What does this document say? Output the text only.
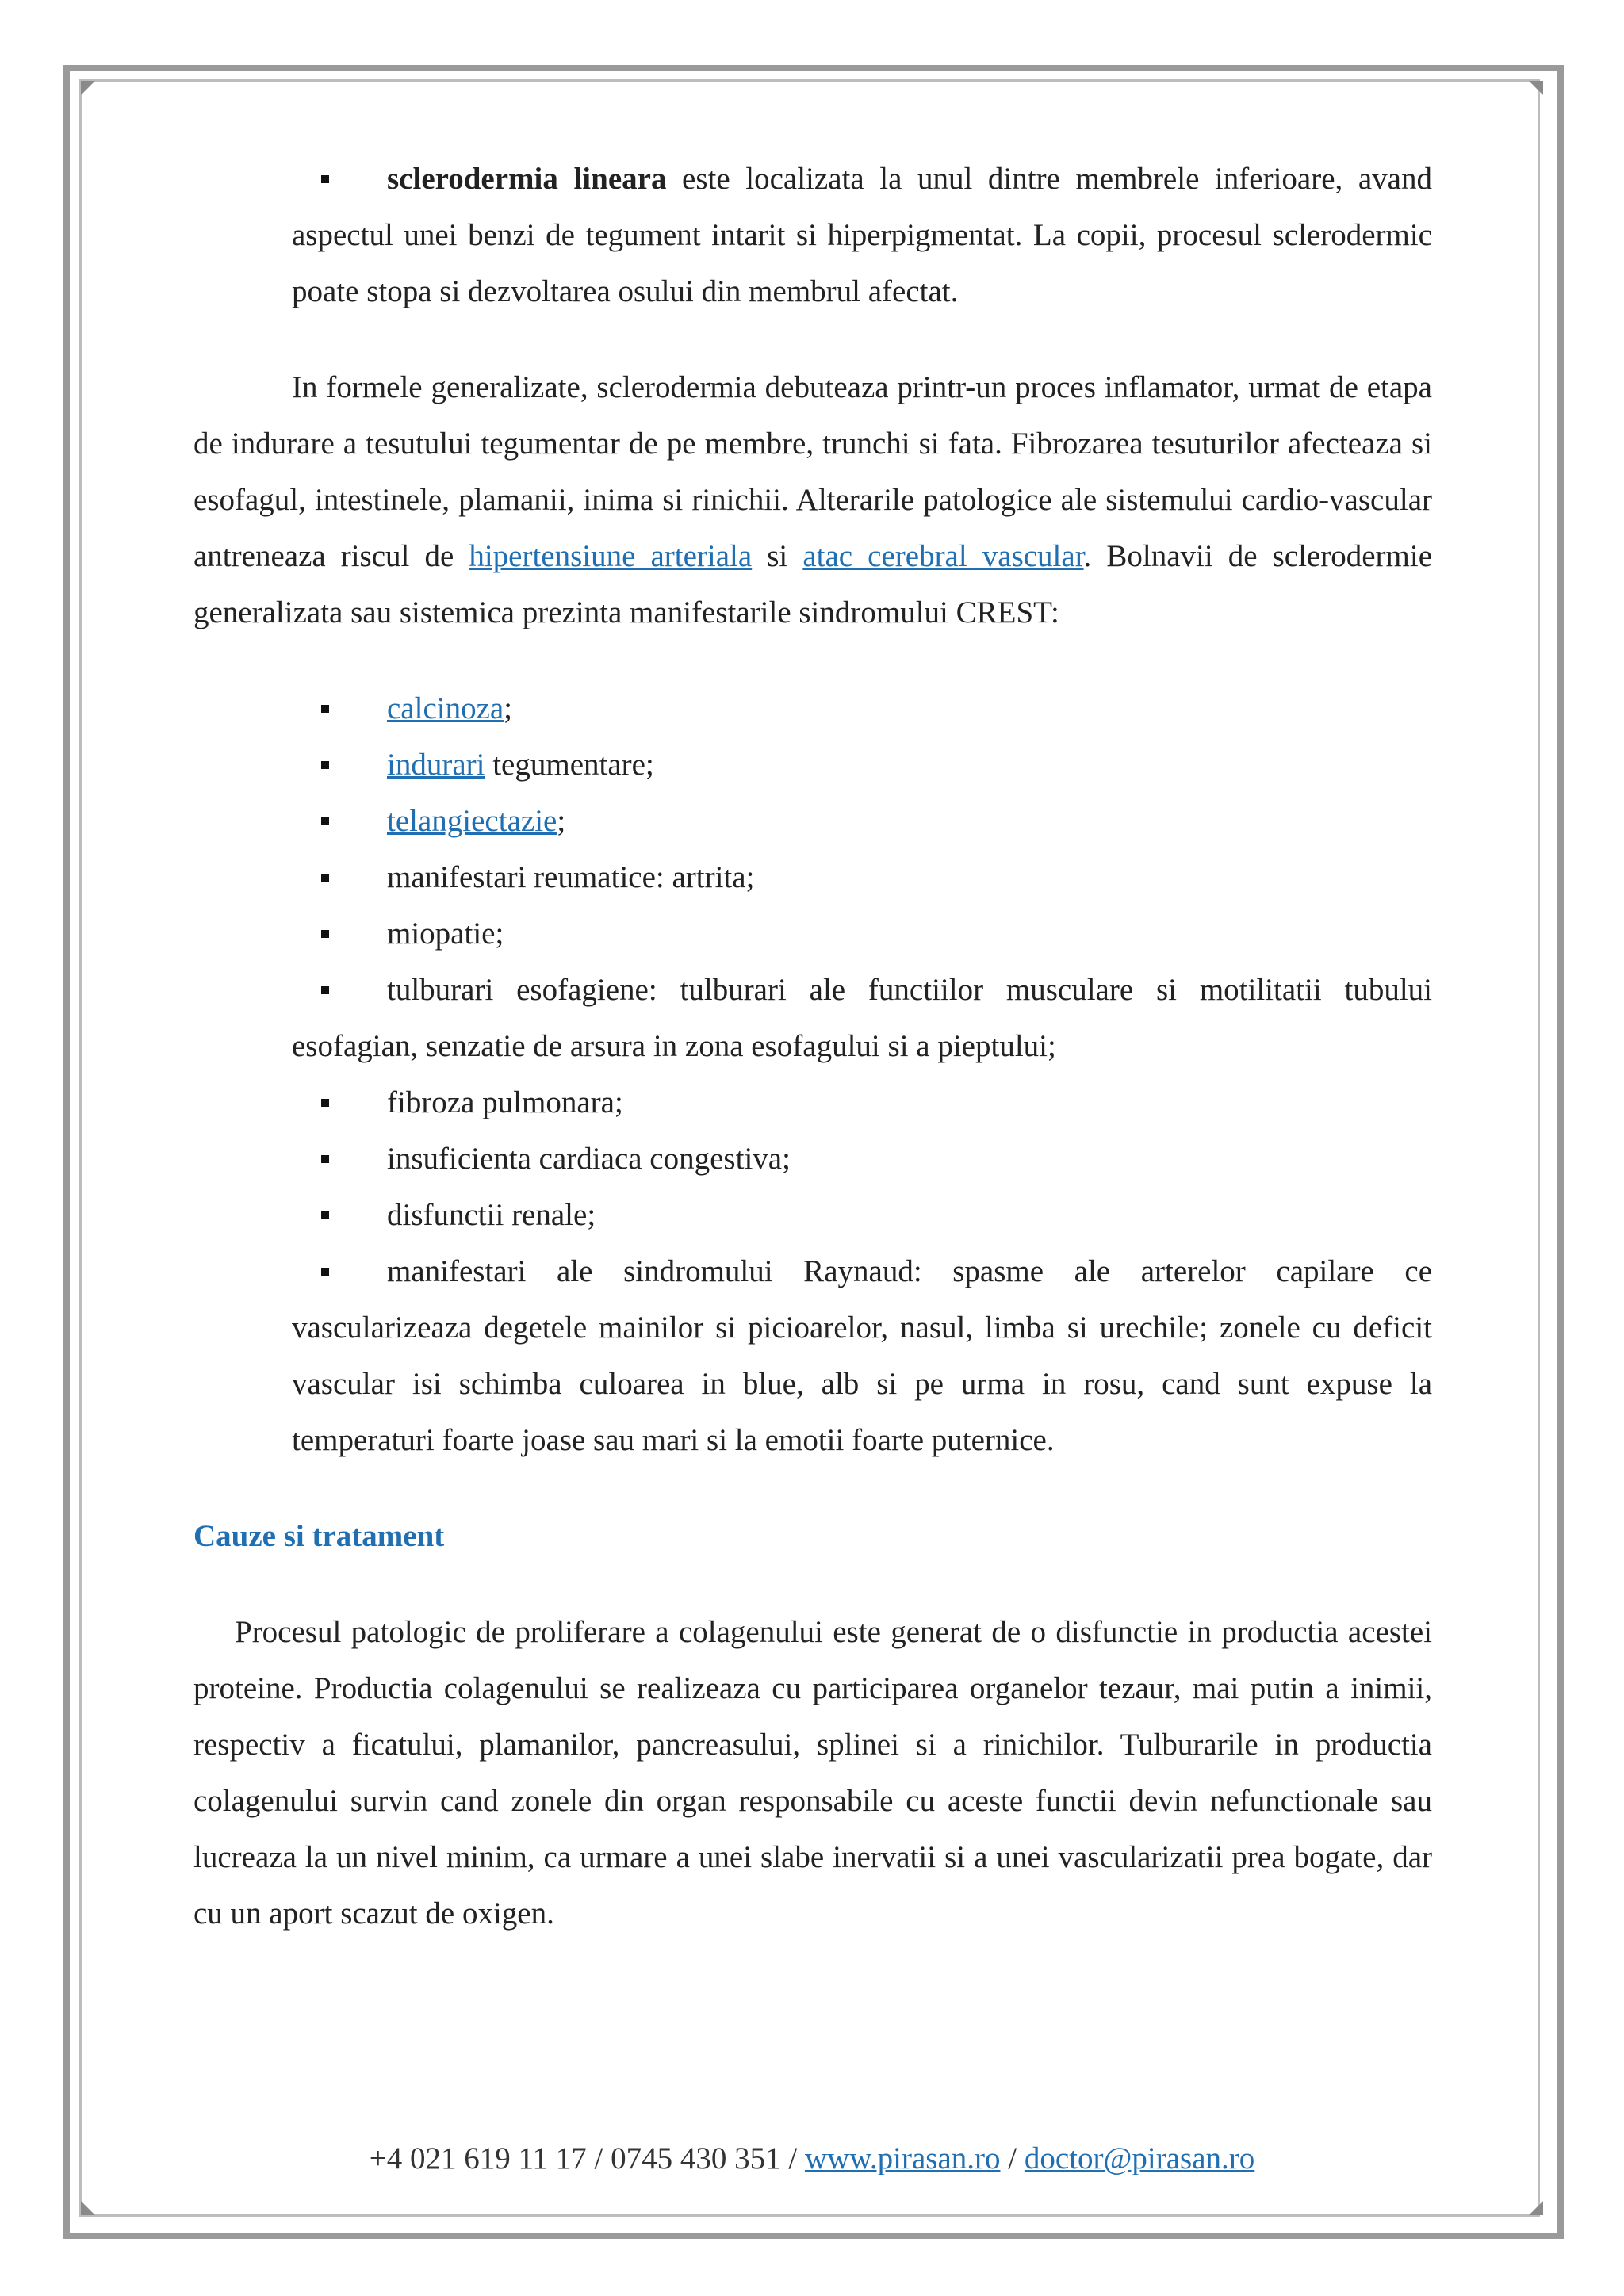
sclerodermia lineara este localizata la unul dintre membrele inferioare, avand aspectul unei benzi de tegument intarit si hiperpigmentat. La copii, procesul sclerodermic poate stopa si dezvoltarea osului din membrul afectat.

In formele generalizate, sclerodermia debuteaza printr-un proces inflamator, urmat de etapa de indurare a tesutului tegumentar de pe membre, trunchi si fata. Fibrozarea tesuturilor afecteaza si esofagul, intestinele, plamanii, inima si rinichii. Alterarile patologice ale sistemului cardio-vascular antreneaza riscul de hipertensiune arteriala si atac cerebral vascular. Bolnavii de sclerodermie generalizata sau sistemica prezinta manifestarile sindromului CREST:

calcinoza;
indurari tegumentare;
telangiectazie;
manifestari reumatice: artrita;
miopatie;
tulburari esofagiene: tulburari ale functiilor musculare si motilitatii tubului esofagian, senzatie de arsura in zona esofagului si a pieptului;
fibroza pulmonara;
insuficienta cardiaca congestiva;
disfunctii renale;
manifestari ale sindromului Raynaud: spasme ale arterelor capilare ce vascularizeaza degetele mainilor si picioarelor, nasul, limba si urechile; zonele cu deficit vascular isi schimba culoarea in blue, alb si pe urma in rosu, cand sunt expuse la temperaturi foarte joase sau mari si la emotii foarte puternice.
Cauze si tratament

Procesul patologic de proliferare a colagenului este generat de o disfunctie in productia acestei proteine. Productia colagenului se realizeaza cu participarea organelor tezaur, mai putin a inimii, respectiv a ficatului, plamanilor, pancreasului, splinei si a rinichilor. Tulburarile in productia colagenului survin cand zonele din organ responsabile cu aceste functii devin nefunctionale sau lucreaza la un nivel minim, ca urmare a unei slabe inervatii si a unei vascularizatii prea bogate, dar cu un aport scazut de oxigen.

+4 021 619 11 17 / 0745 430 351 / www.pirasan.ro / doctor@pirasan.ro
